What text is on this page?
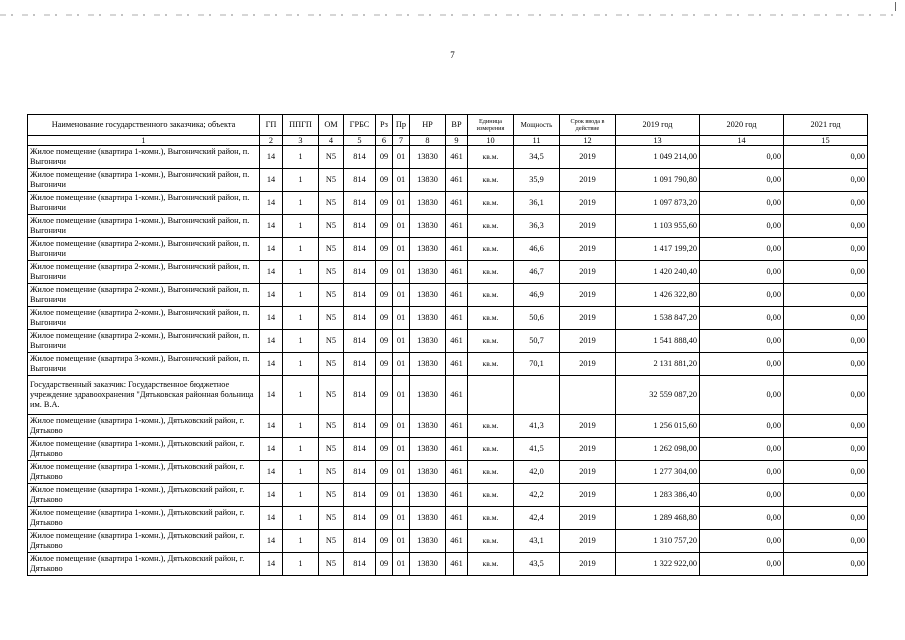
7
Наименование государственного заказчика; объекта	ГП	ППГП	ОМ	ГРБС	Рз	Пр	НР	ВР	Единица измерения	Мощность	Срок ввода в действие	2019 год	2020 год	2021 год
1	2	3	4	5	6	7	8	9	10	11	12	13	14	15
Жилое помещение (квартира 1-комн.), Выгоничский район, п. Выгоничи	14	1	N5	814	09	01	13830	461	кв.м.	34,5	2019	1 049 214,00	0,00	0,00
Жилое помещение (квартира 1-комн.), Выгоничский район, п. Выгоничи	14	1	N5	814	09	01	13830	461	кв.м.	35,9	2019	1 091 790,80	0,00	0,00
Жилое помещение (квартира 1-комн.), Выгоничский район, п. Выгоничи	14	1	N5	814	09	01	13830	461	кв.м.	36,1	2019	1 097 873,20	0,00	0,00
Жилое помещение (квартира 1-комн.), Выгоничский район, п. Выгоничи	14	1	N5	814	09	01	13830	461	кв.м.	36,3	2019	1 103 955,60	0,00	0,00
Жилое помещение (квартира 2-комн.), Выгоничский район, п. Выгоничи	14	1	N5	814	09	01	13830	461	кв.м.	46,6	2019	1 417 199,20	0,00	0,00
Жилое помещение (квартира 2-комн.), Выгоничский район, п. Выгоничи	14	1	N5	814	09	01	13830	461	кв.м.	46,7	2019	1 420 240,40	0,00	0,00
Жилое помещение (квартира 2-комн.), Выгоничский район, п. Выгоничи	14	1	N5	814	09	01	13830	461	кв.м.	46,9	2019	1 426 322,80	0,00	0,00
Жилое помещение (квартира 2-комн.), Выгоничский район, п. Выгоничи	14	1	N5	814	09	01	13830	461	кв.м.	50,6	2019	1 538 847,20	0,00	0,00
Жилое помещение (квартира 2-комн.), Выгоничский район, п. Выгоничи	14	1	N5	814	09	01	13830	461	кв.м.	50,7	2019	1 541 888,40	0,00	0,00
Жилое помещение (квартира 3-комн.), Выгоничский район, п. Выгоничи	14	1	N5	814	09	01	13830	461	кв.м.	70,1	2019	2 131 881,20	0,00	0,00
Государственный заказчик: Государственное бюджетное учреждение здравоохранения "Дятьковская районная больница им. В.А.	14	1	N5	814	09	01	13830	461				32 559 087,20	0,00	0,00
Жилое помещение (квартира 1-комн.), Дятьковский район, г. Дятьково	14	1	N5	814	09	01	13830	461	кв.м.	41,3	2019	1 256 015,60	0,00	0,00
Жилое помещение (квартира 1-комн.), Дятьковский район, г. Дятьково	14	1	N5	814	09	01	13830	461	кв.м.	41,5	2019	1 262 098,00	0,00	0,00
Жилое помещение (квартира 1-комн.), Дятьковский район, г. Дятьково	14	1	N5	814	09	01	13830	461	кв.м.	42,0	2019	1 277 304,00	0,00	0,00
Жилое помещение (квартира 1-комн.), Дятьковский район, г. Дятьково	14	1	N5	814	09	01	13830	461	кв.м.	42,2	2019	1 283 386,40	0,00	0,00
Жилое помещение (квартира 1-комн.), Дятьковский район, г. Дятьково	14	1	N5	814	09	01	13830	461	кв.м.	42,4	2019	1 289 468,80	0,00	0,00
Жилое помещение (квартира 1-комн.), Дятьковский район, г. Дятьково	14	1	N5	814	09	01	13830	461	кв.м.	43,1	2019	1 310 757,20	0,00	0,00
Жилое помещение (квартира 1-комн.), Дятьковский район, г. Дятьково	14	1	N5	814	09	01	13830	461	кв.м.	43,5	2019	1 322 922,00	0,00	0,00
